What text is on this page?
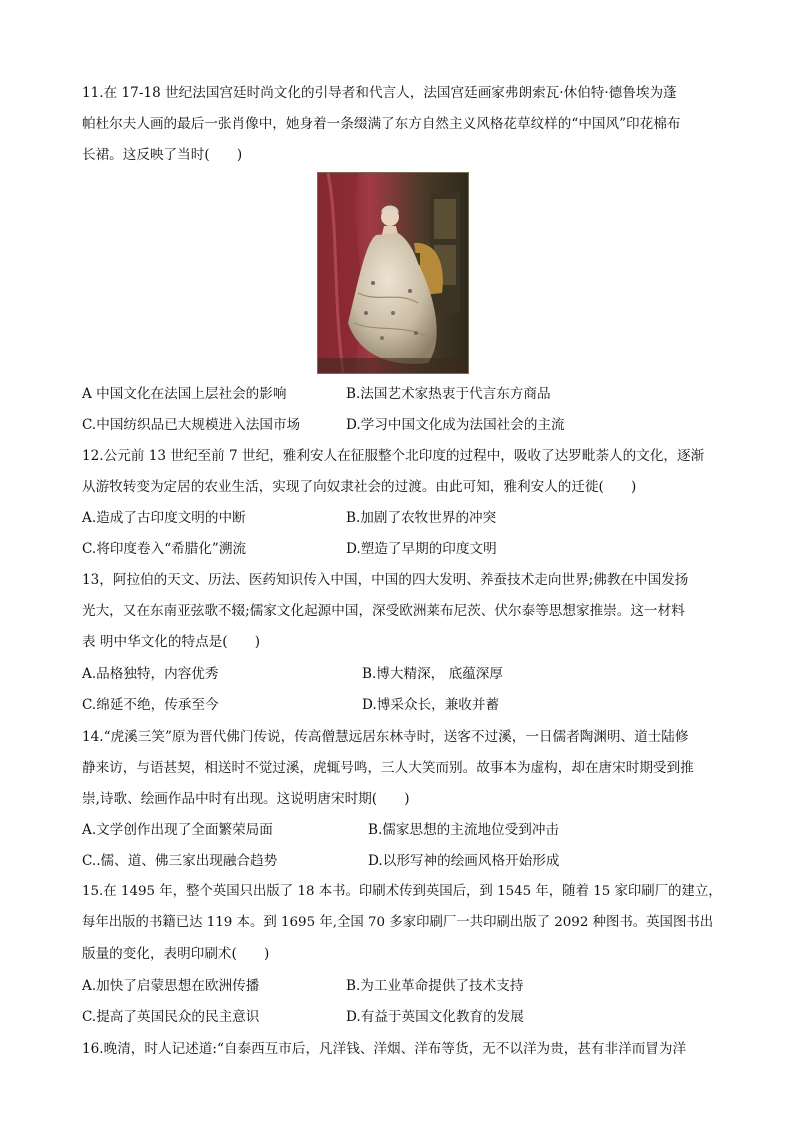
11.在 17-18 世纪法国宫廷时尚文化的引导者和代言人，法国宫廷画家弗朗索瓦·休伯特·德鲁埃为蓬
帕杜尔夫人画的最后一张肖像中，她身着一条缀满了东方自然主义风格花草纹样的“中国风”印花棉布
长裙。这反映了当时(　　)
A 中国文化在法国上层社会的影响	B.法国艺术家热衷于代言东方商品
C.中国纺织品已大规模进入法国市场	D.学习中国文化成为法国社会的主流
12.公元前 13 世纪至前 7 世纪，雅利安人在征服整个北印度的过程中，吸收了达罗毗荼人的文化，逐渐
从游牧转变为定居的农业生活，实现了向奴隶社会的过渡。由此可知，雅利安人的迁徙(　　)
A.造成了古印度文明的中断	B.加剧了农牧世界的冲突
C.将印度卷入“希腊化”溯流	D.塑造了早期的印度文明
13，阿拉伯的天文、历法、医药知识传入中国，中国的四大发明、养蚕技术走向世界;佛教在中国发扬
光大，又在东南亚弦歌不辍;儒家文化起源中国，深受欧洲莱布尼茨、伏尔泰等思想家推崇。这一材料
表 明中华文化的特点是(　　)
A.品格独特，内容优秀	B.博大精深， 底蕴深厚
C.绵延不绝，传承至今	D.博采众长，兼收并蓄
14.“虎溪三笑”原为晋代佛门传说，传高僧慧远居东林寺时，送客不过溪，一日儒者陶渊明、道士陆修
静来访，与语甚契，相送时不觉过溪，虎辄号鸣，三人大笑而别。故事本为虚构，却在唐宋时期受到推
崇,诗歌、绘画作品中时有出现。这说明唐宋时期(　　)
A.文学创作出现了全面繁荣局面	B.儒家思想的主流地位受到冲击
C..儒、道、佛三家出现融合趋势	D.以形写神的绘画风格开始形成
15.在 1495 年，整个英国只出版了 18 本书。印刷术传到英国后，到 1545 年，随着 15 家印刷厂的建立，
每年出版的书籍已达 119 本。到 1695 年,全国 70 多家印刷厂一共印刷出版了 2092 种图书。英国图书出
版量的变化，表明印刷术(　　)
A.加快了启蒙思想在欧洲传播	B.为工业革命提供了技术支持
C.提高了英国民众的民主意识	D.有益于英国文化教育的发展
16.晚清，时人记述道:“自泰西互市后，凡洋钱、洋烟、洋布等货，无不以洋为贵，甚有非洋而冒为洋
